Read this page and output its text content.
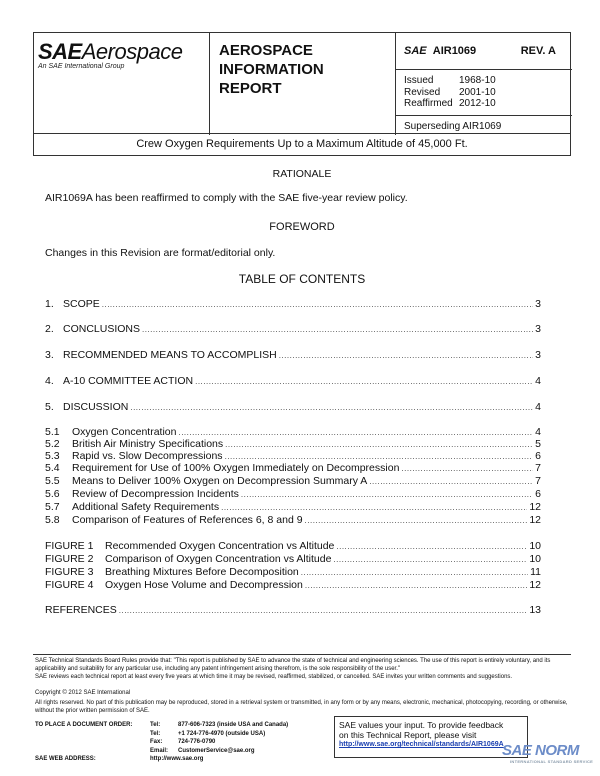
SAEAerospace
An SAE International Group
AEROSPACE
INFORMATION
REPORT
SAE AIR1069	REV. A
Issued	1968-10
Revised 2001-10
Reaffirmed 2012-10
Superseding AIR1069
Crew Oxygen Requirements Up to a Maximum Altitude of 45,000 Ft.
RATIONALE
AIR1069A has been reaffirmed to comply with the SAE five-year review policy.
FOREWORD
Changes in this Revision are format/editorial only.
TABLE OF CONTENTS
1. SCOPE .....	3
2. CONCLUSIONS .....	3
3. RECOMMENDED MEANS TO ACCOMPLISH .....	3
4. A-10 COMMITTEE ACTION .....	4
5. DISCUSSION .....	4
5.1	Oxygen Concentration .....	4
5.2	British Air Ministry Specifications .....	5
5.3	Rapid vs. Slow Decompressions .....	6
5.4	Requirement for Use of 100% Oxygen Immediately on Decompression .....	7
5.5	Means to Deliver 100% Oxygen on Decompression Summary A .....	7
5.6	Review of Decompression Incidents .....	6
5.7	Additional Safety Requirements .....	12
5.8	Comparison of Features of References 6, 8 and 9 .....	12
FIGURE 1	Recommended Oxygen Concentration vs Altitude .....	10
FIGURE 2	Comparison of Oxygen Concentration vs Altitude .....	10
FIGURE 3	Breathing Mixtures Before Decomposition .....	11
FIGURE 4	Oxygen Hose Volume and Decompression .....	12
REFERENCES .....	13
SAE Technical Standards Board Rules provide that: "This report is published by SAE to advance the state of technical and engineering sciences. The use of this report is entirely voluntary, and its applicability and suitability for any particular use, including any patent infringement arising therefrom, is the sole responsibility of the user."
SAE reviews each technical report at least every five years at which time it may be revised, reaffirmed, stabilized, or cancelled. SAE invites your written comments and suggestions.
Copyright © 2012 SAE International
All rights reserved. No part of this publication may be reproduced, stored in a retrieval system or transmitted, in any form or by any means, electronic, mechanical, photocopying, recording, or otherwise, without the prior written permission of SAE.
TO PLACE A DOCUMENT ORDER:	Tel:	877-606-7323 (inside USA and Canada)
	Tel:	+1 724-776-4970 (outside USA)
	Fax:	724-776-0790
	Email:	CustomerService@sae.org
SAE WEB ADDRESS:	http://www.sae.org	
SAE values your input. To provide feedback
on this Technical Report, please visit
http://www.sae.org/technical/standards/AIR1069A
SAE NORM
INTERNATIONAL STANDARD SERVICE
